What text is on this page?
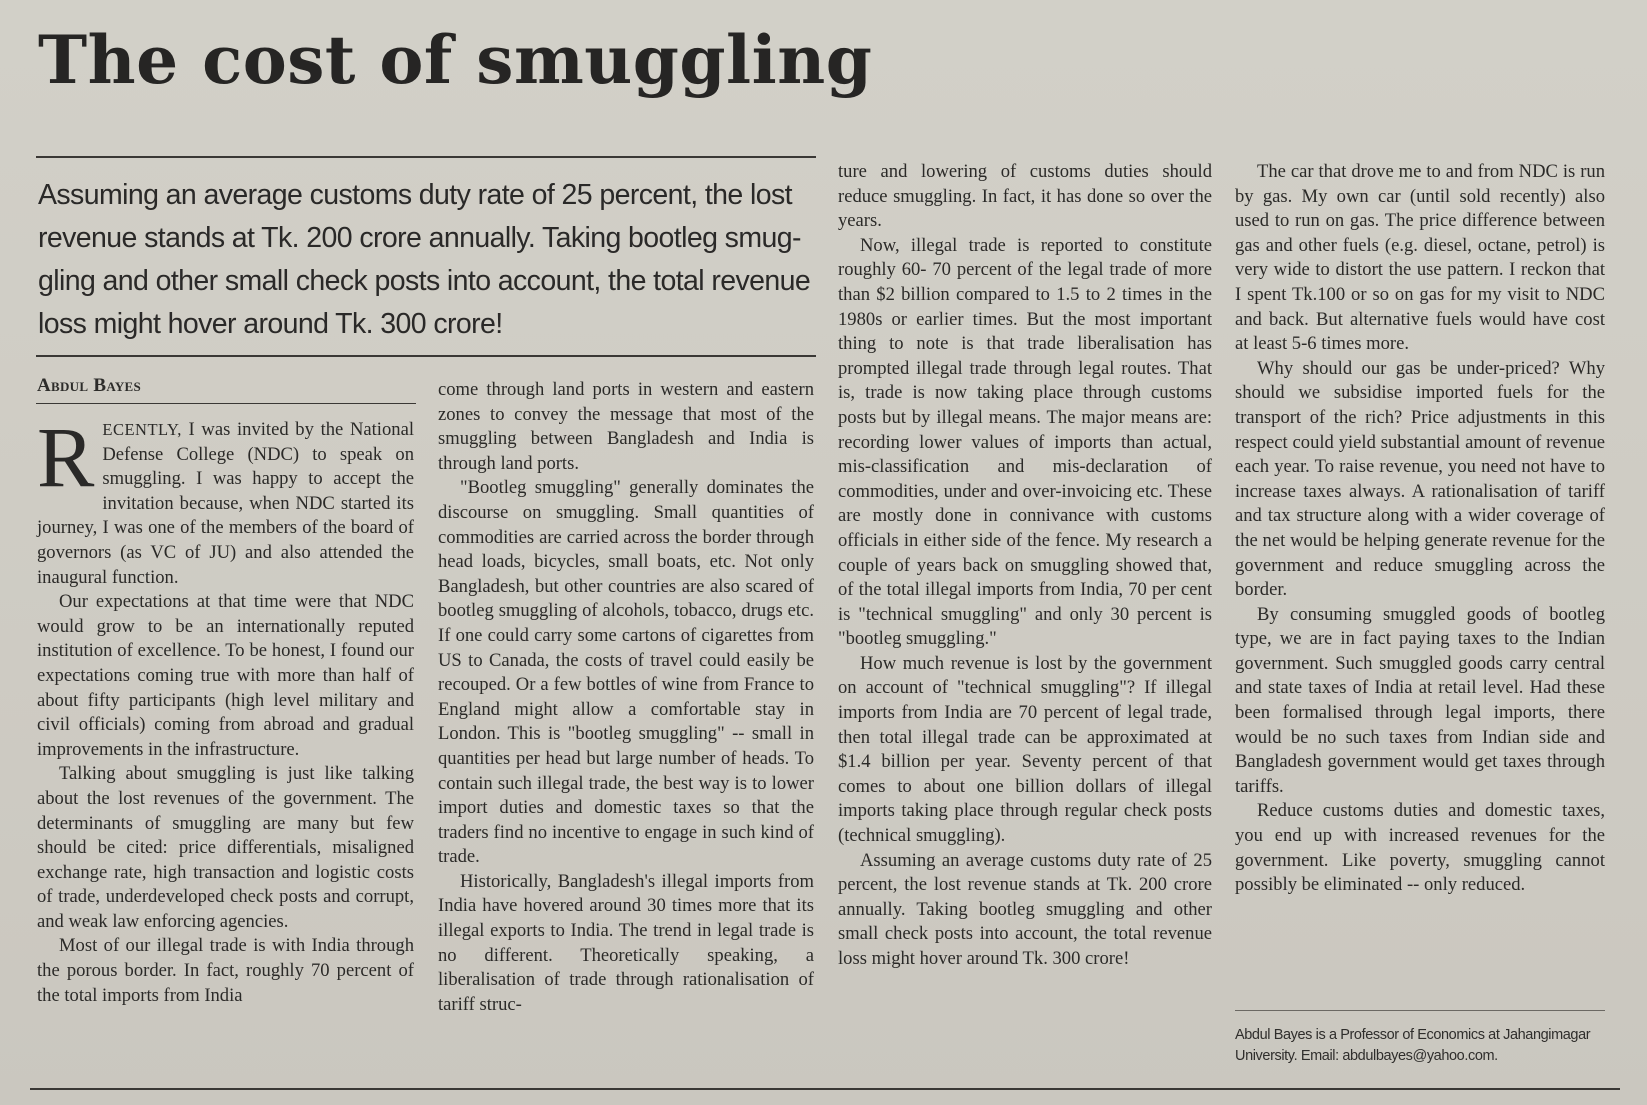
The cost of smuggling

Assuming an average customs duty rate of 25 percent, the lost revenue stands at Tk. 200 crore annually. Taking bootleg smuggling and other small check posts into account, the total revenue loss might hover around Tk. 300 crore!

Abdul Bayes

RECENTLY, I was invited by the National Defense College (NDC) to speak on smuggling. I was happy to accept the invitation because, when NDC started its journey, I was one of the members of the board of governors (as VC of JU) and also attended the inaugural function.

Our expectations at that time were that NDC would grow to be an internationally reputed institution of excellence. To be honest, I found our expectations coming true with more than half of about fifty participants (high level military and civil officials) coming from abroad and gradual improvements in the infrastructure.

Talking about smuggling is just like talking about the lost revenues of the government. The determinants of smuggling are many but few should be cited: price differentials, misaligned exchange rate, high transaction and logistic costs of trade, underdeveloped check posts and corrupt, and weak law enforcing agencies.

Most of our illegal trade is with India through the porous border. In fact, roughly 70 percent of the total imports from India

come through land ports in western and eastern zones to convey the message that most of the smuggling between Bangladesh and India is through land ports.

"Bootleg smuggling" generally dominates the discourse on smuggling. Small quantities of commodities are carried across the border through head loads, bicycles, small boats, etc. Not only Bangladesh, but other countries are also scared of bootleg smuggling of alcohols, tobacco, drugs etc. If one could carry some cartons of cigarettes from US to Canada, the costs of travel could easily be recouped. Or a few bottles of wine from France to England might allow a comfortable stay in London. This is "bootleg smuggling" -- small in quantities per head but large number of heads. To contain such illegal trade, the best way is to lower import duties and domestic taxes so that the traders find no incentive to engage in such kind of trade.

Historically, Bangladesh's illegal imports from India have hovered around 30 times more that its illegal exports to India. The trend in legal trade is no different. Theoretically speaking, a liberalisation of trade through rationalisation of tariff struc-

ture and lowering of customs duties should reduce smuggling. In fact, it has done so over the years.

Now, illegal trade is reported to constitute roughly 60- 70 percent of the legal trade of more than $2 billion compared to 1.5 to 2 times in the 1980s or earlier times. But the most important thing to note is that trade liberalisation has prompted illegal trade through legal routes. That is, trade is now taking place through customs posts but by illegal means. The major means are: recording lower values of imports than actual, mis-classification and mis-declaration of commodities, under and over-invoicing etc. These are mostly done in connivance with customs officials in either side of the fence. My research a couple of years back on smuggling showed that, of the total illegal imports from India, 70 per cent is "technical smuggling" and only 30 percent is "bootleg smuggling."

How much revenue is lost by the government on account of "technical smuggling"? If illegal imports from India are 70 percent of legal trade, then total illegal trade can be approximated at $1.4 billion per year. Seventy percent of that comes to about one billion dollars of illegal imports taking place through regular check posts (technical smuggling).

Assuming an average customs duty rate of 25 percent, the lost revenue stands at Tk. 200 crore annually. Taking bootleg smuggling and other small check posts into account, the total revenue loss might hover around Tk. 300 crore!

The car that drove me to and from NDC is run by gas. My own car (until sold recently) also used to run on gas. The price difference between gas and other fuels (e.g. diesel, octane, petrol) is very wide to distort the use pattern. I reckon that I spent Tk.100 or so on gas for my visit to NDC and back. But alternative fuels would have cost at least 5-6 times more.

Why should our gas be under-priced? Why should we subsidise imported fuels for the transport of the rich? Price adjustments in this respect could yield substantial amount of revenue each year. To raise revenue, you need not have to increase taxes always. A rationalisation of tariff and tax structure along with a wider coverage of the net would be helping generate revenue for the government and reduce smuggling across the border.

By consuming smuggled goods of bootleg type, we are in fact paying taxes to the Indian government. Such smuggled goods carry central and state taxes of India at retail level. Had these been formalised through legal imports, there would be no such taxes from Indian side and Bangladesh government would get taxes through tariffs.

Reduce customs duties and domestic taxes, you end up with increased revenues for the government. Like poverty, smuggling cannot possibly be eliminated -- only reduced.

Abdul Bayes is a Professor of Economics at Jahangimagar University. Email: abdulbayes@yahoo.com.
